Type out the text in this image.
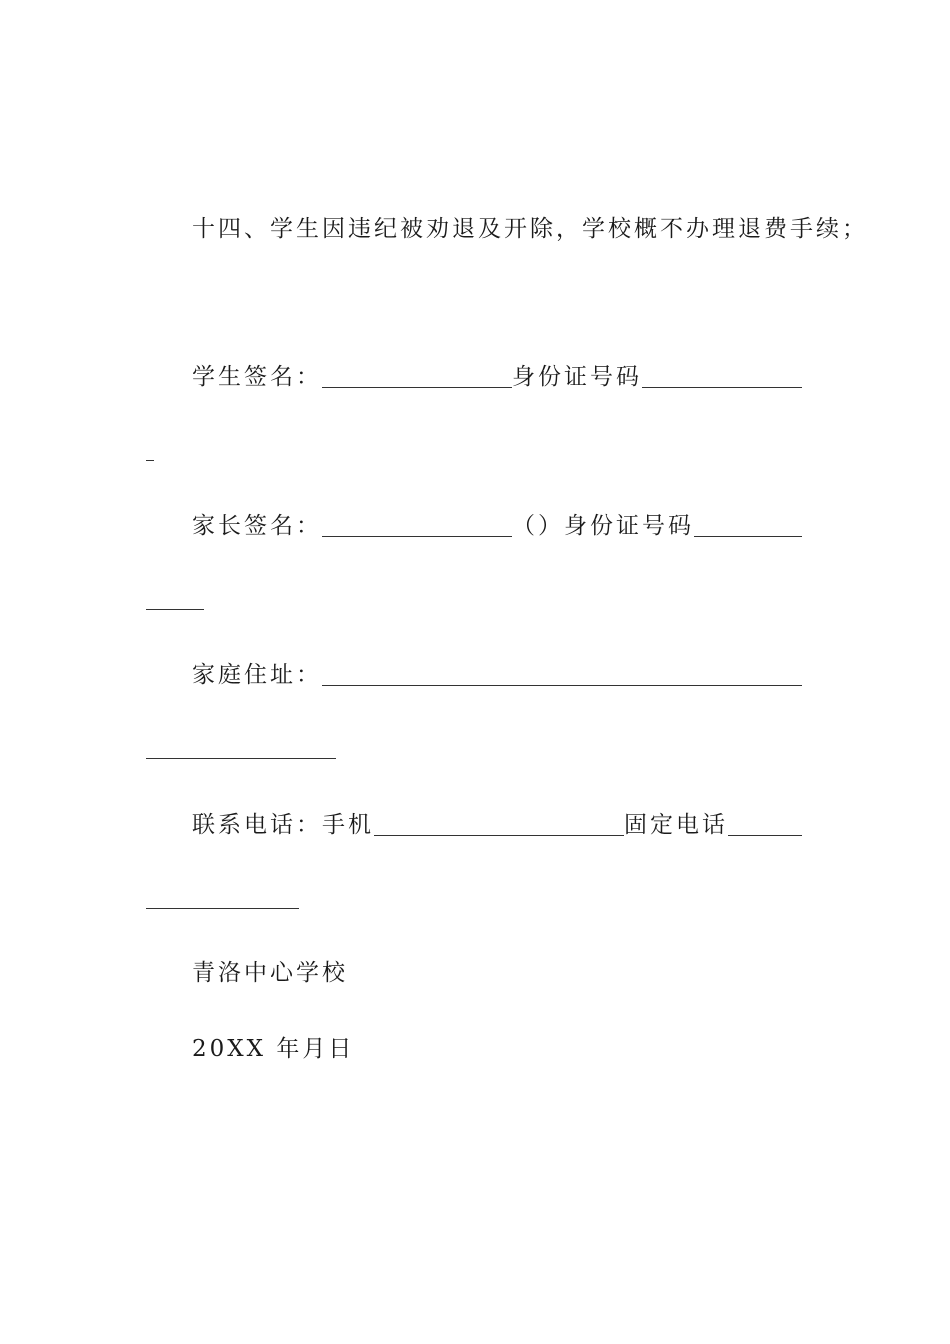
十四、学生因违纪被劝退及开除，学校概不办理退费手续；
学生签名：	身份证号码
家长签名：	（）身份证号码
家庭住址：
联系电话：手机	固定电话
青洛中心学校
20XX 年月日
